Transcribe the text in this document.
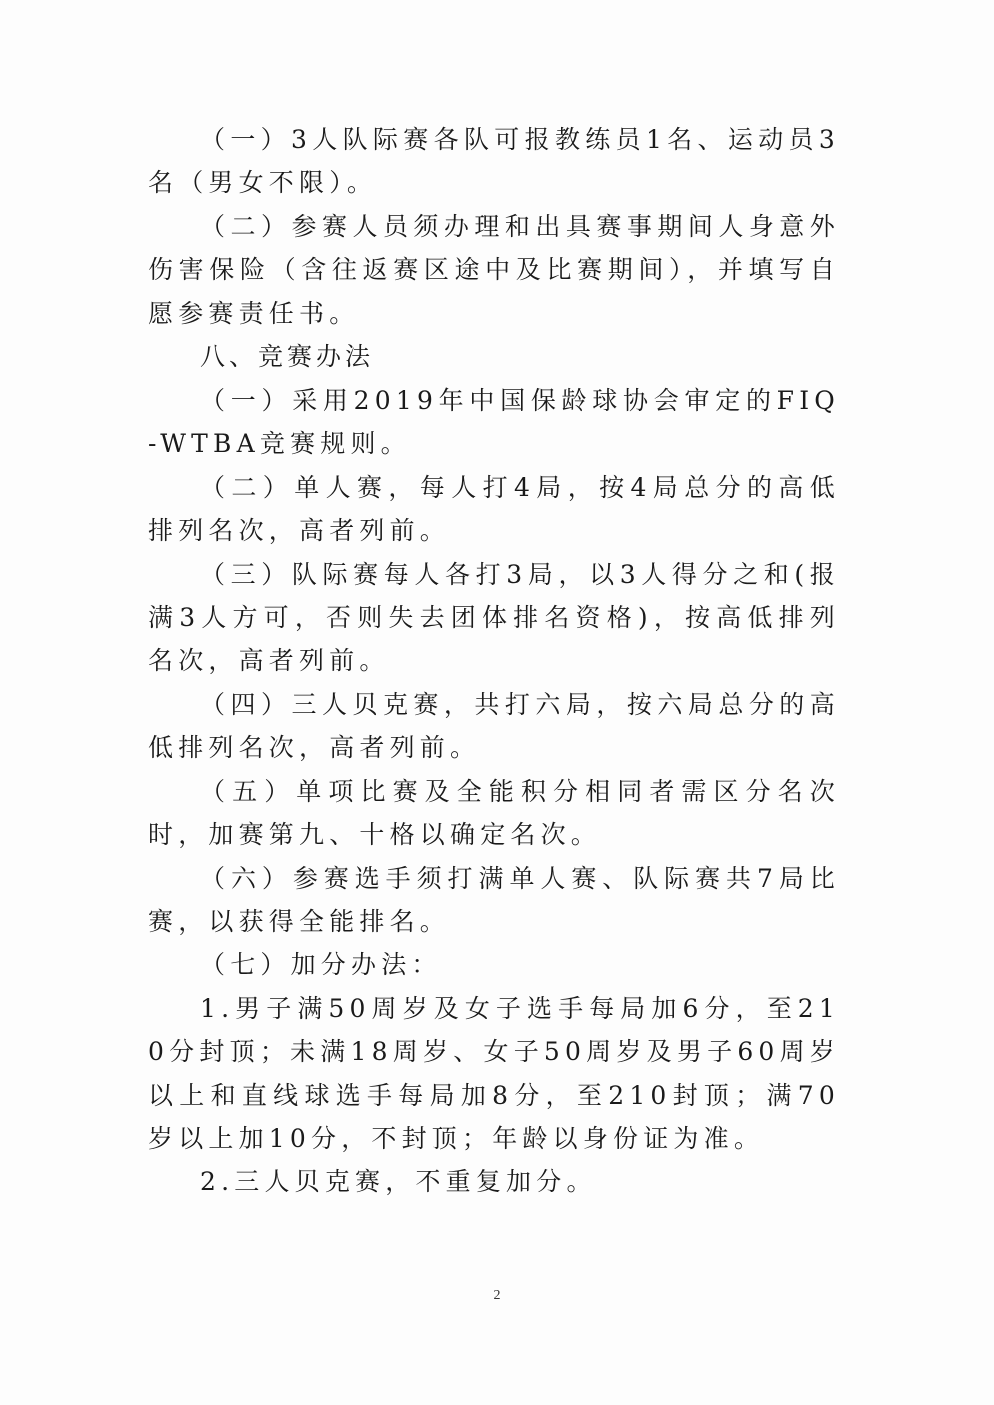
（一）3人队际赛各队可报教练员1名、运动员3名（男女不限）。

（二）参赛人员须办理和出具赛事期间人身意外伤害保险（含往返赛区途中及比赛期间），并填写自愿参赛责任书。

八、竞赛办法

（一）采用2019年中国保龄球协会审定的FIQ-WTBA竞赛规则。

（二）单人赛，每人打4局，按4局总分的高低排列名次，高者列前。

（三）队际赛每人各打3局，以3人得分之和(报满3人方可，否则失去团体排名资格)，按高低排列名次，高者列前。

（四）三人贝克赛，共打六局，按六局总分的高低排列名次，高者列前。

（五）单项比赛及全能积分相同者需区分名次时，加赛第九、十格以确定名次。

（六）参赛选手须打满单人赛、队际赛共7局比赛，以获得全能排名。

（七）加分办法：

1.男子满50周岁及女子选手每局加6分，至210分封顶；未满18周岁、女子50周岁及男子60周岁以上和直线球选手每局加8分，至210封顶；满70岁以上加10分，不封顶；年龄以身份证为准。

2.三人贝克赛，不重复加分。

2
